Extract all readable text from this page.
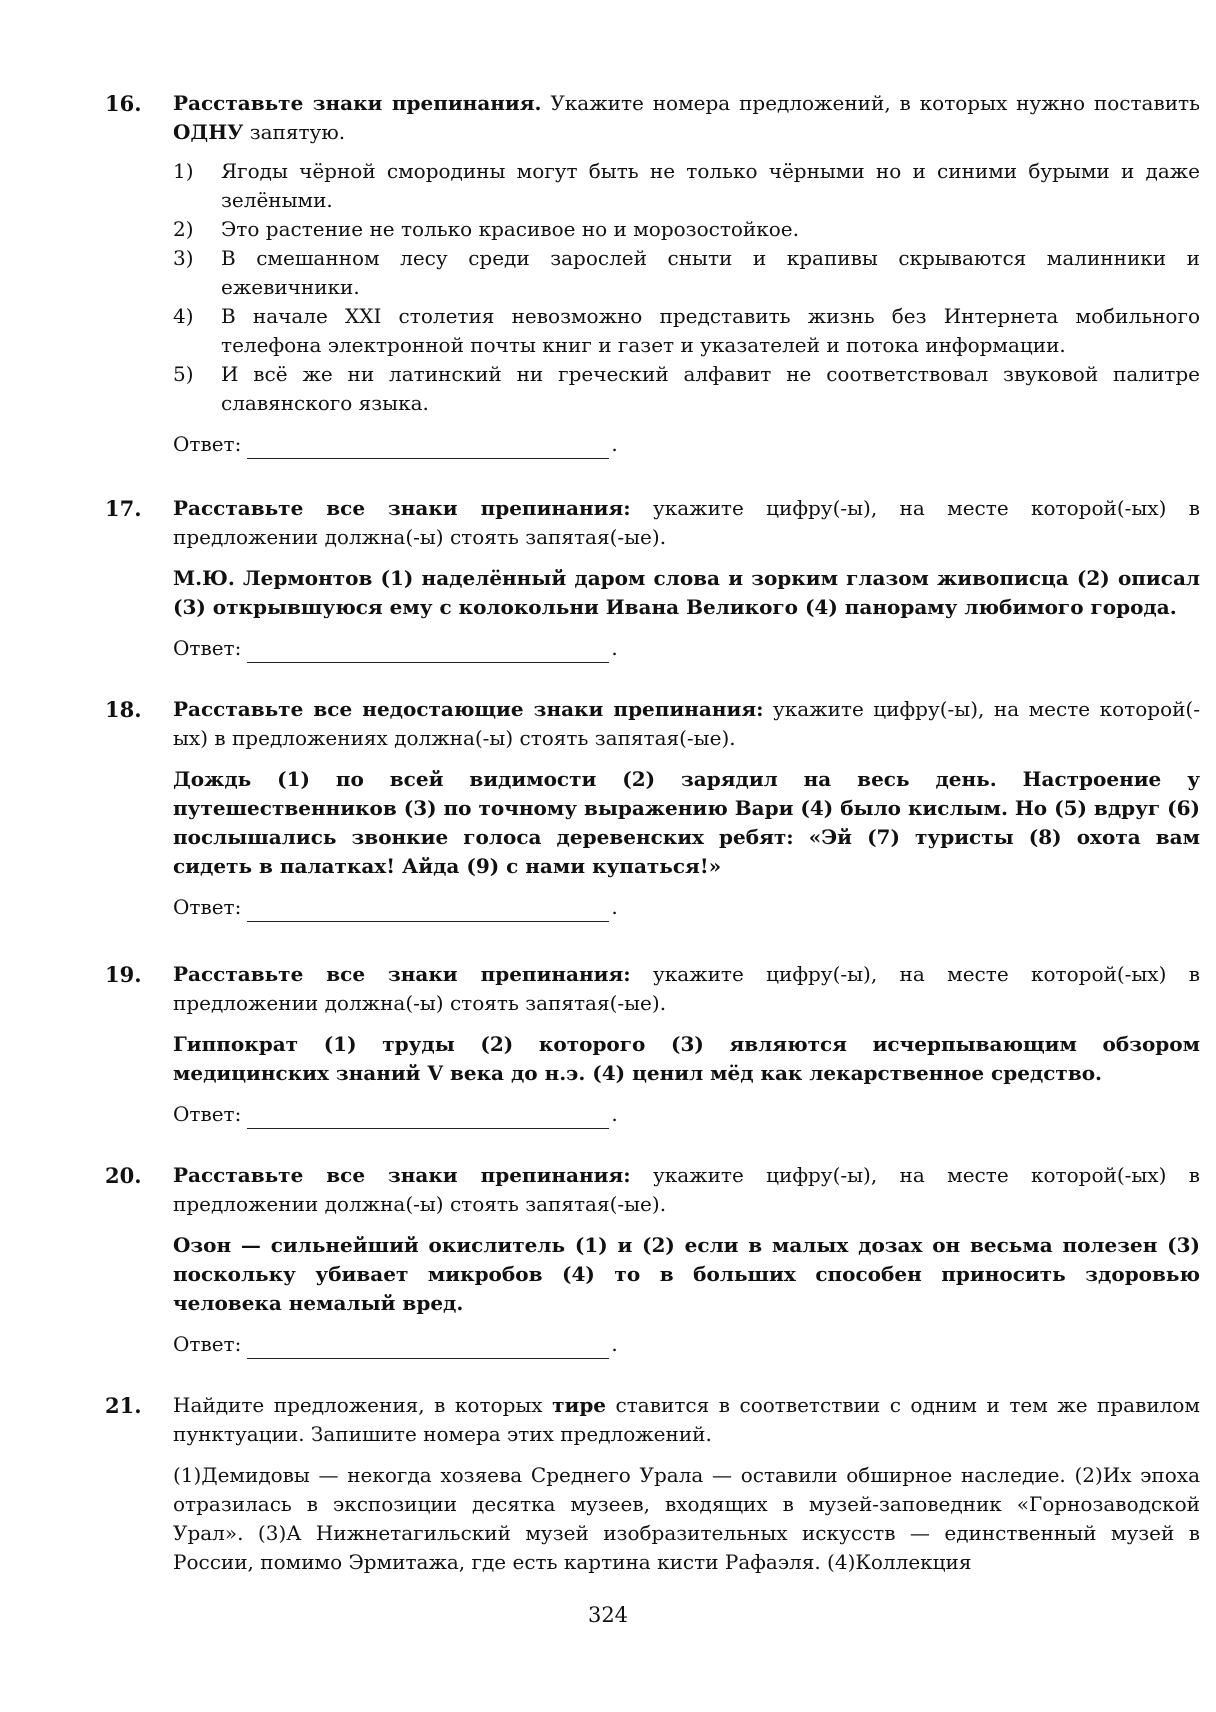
16.	Расставьте знаки препинания. Укажите номера предложений, в которых нужно поставить ОДНУ запятую.

1) Ягоды чёрной смородины могут быть не только чёрными но и синими бурыми и даже зелёными.
2) Это растение не только красивое но и морозостойкое.
3) В смешанном лесу среди зарослей сныти и крапивы скрываются малинники и ежевичники.
4) В начале XXI столетия невозможно представить жизнь без Интернета мобильного телефона электронной почты книг и газет и указателей и потока информации.
5) И всё же ни латинский ни греческий алфавит не соответствовал звуковой палитре славянского языка.
Ответ:	.
17.	Расставьте все знаки препинания: укажите цифру(-ы), на месте которой(-ых) в предложении должна(-ы) стоять запятая(-ые).

М.Ю. Лермонтов (1) наделённый даром слова и зорким глазом живописца (2) описал (3) открывшуюся ему с колокольни Ивана Великого (4) панораму любимого города.

Ответ:	.
18.	Расставьте все недостающие знаки препинания: укажите цифру(-ы), на месте которой(-ых) в предложениях должна(-ы) стоять запятая(-ые).

Дождь (1) по всей видимости (2) зарядил на весь день. Настроение у путешественников (3) по точному выражению Вари (4) было кислым. Но (5) вдруг (6) послышались звонкие голоса деревенских ребят: «Эй (7) туристы (8) охота вам сидеть в палатках! Айда (9) с нами купаться!»

Ответ:	.
19.	Расставьте все знаки препинания: укажите цифру(-ы), на месте которой(-ых) в предложении должна(-ы) стоять запятая(-ые).

Гиппократ (1) труды (2) которого (3) являются исчерпывающим обзором медицинских знаний V века до н.э. (4) ценил мёд как лекарственное средство.

Ответ:	.
20.	Расставьте все знаки препинания: укажите цифру(-ы), на месте которой(-ых) в предложении должна(-ы) стоять запятая(-ые).

Озон — сильнейший окислитель (1) и (2) если в малых дозах он весьма полезен (3) поскольку убивает микробов (4) то в больших способен приносить здоровью человека немалый вред.

Ответ:	.
21.	Найдите предложения, в которых тире ставится в соответствии с одним и тем же правилом пунктуации. Запишите номера этих предложений.

(1)Демидовы — некогда хозяева Среднего Урала — оставили обширное наследие. (2)Их эпоха отразилась в экспозиции десятка музеев, входящих в музей-заповедник «Горнозаводской Урал». (3)А Нижнетагильский музей изобразительных искусств — единственный музей в России, помимо Эрмитажа, где есть картина кисти Рафаэля. (4)Коллекция

324
